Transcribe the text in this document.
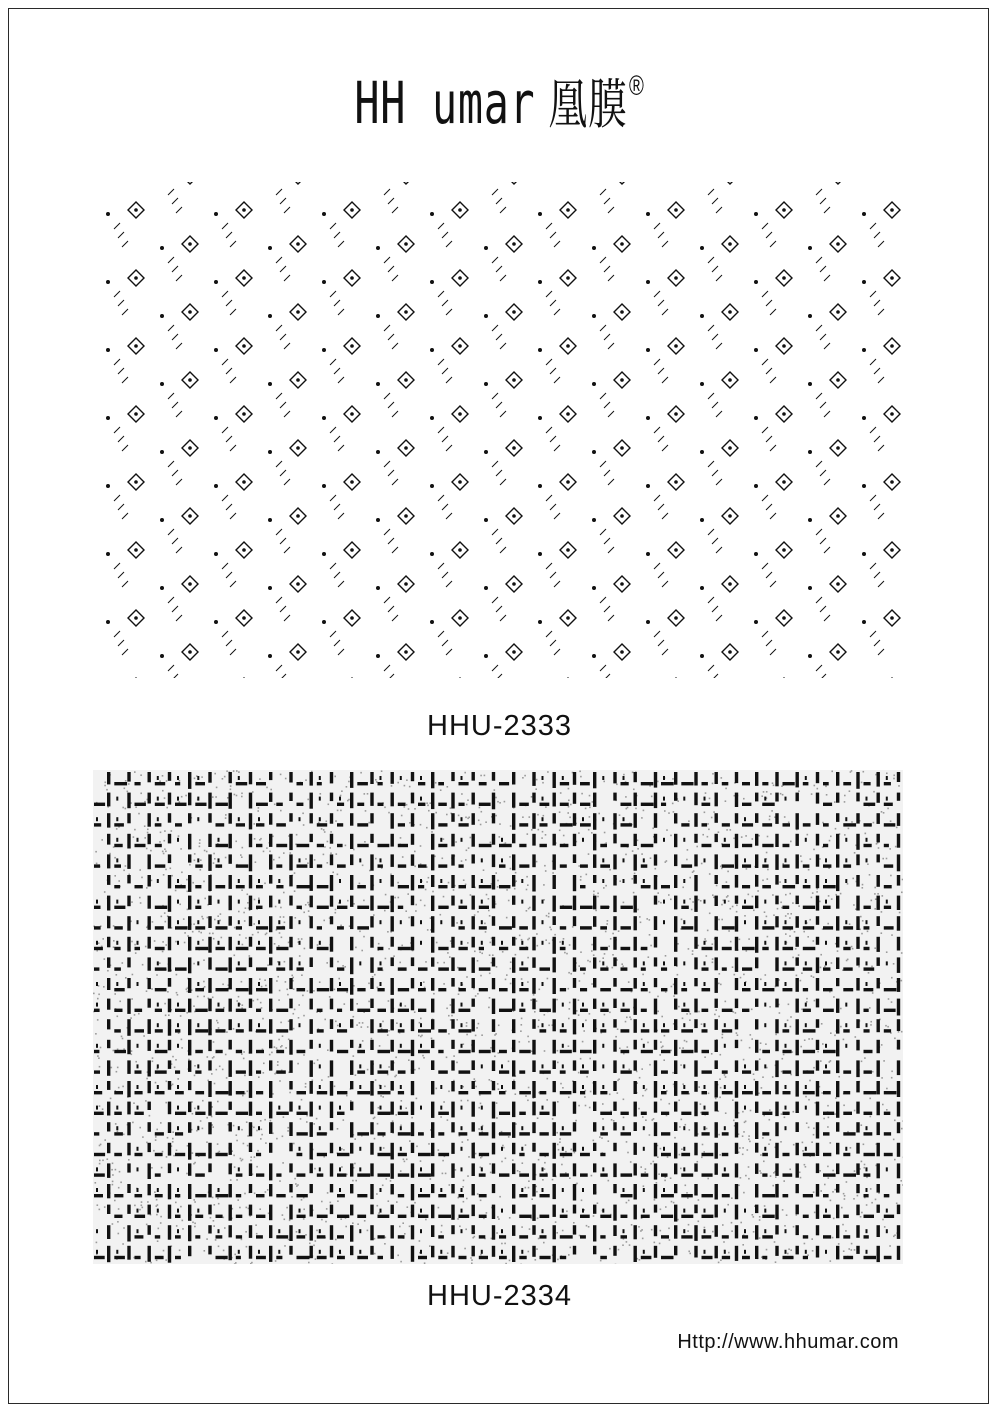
HH umar 凰膜®
HHU-2333
HHU-2334
Http://www.hhumar.com
